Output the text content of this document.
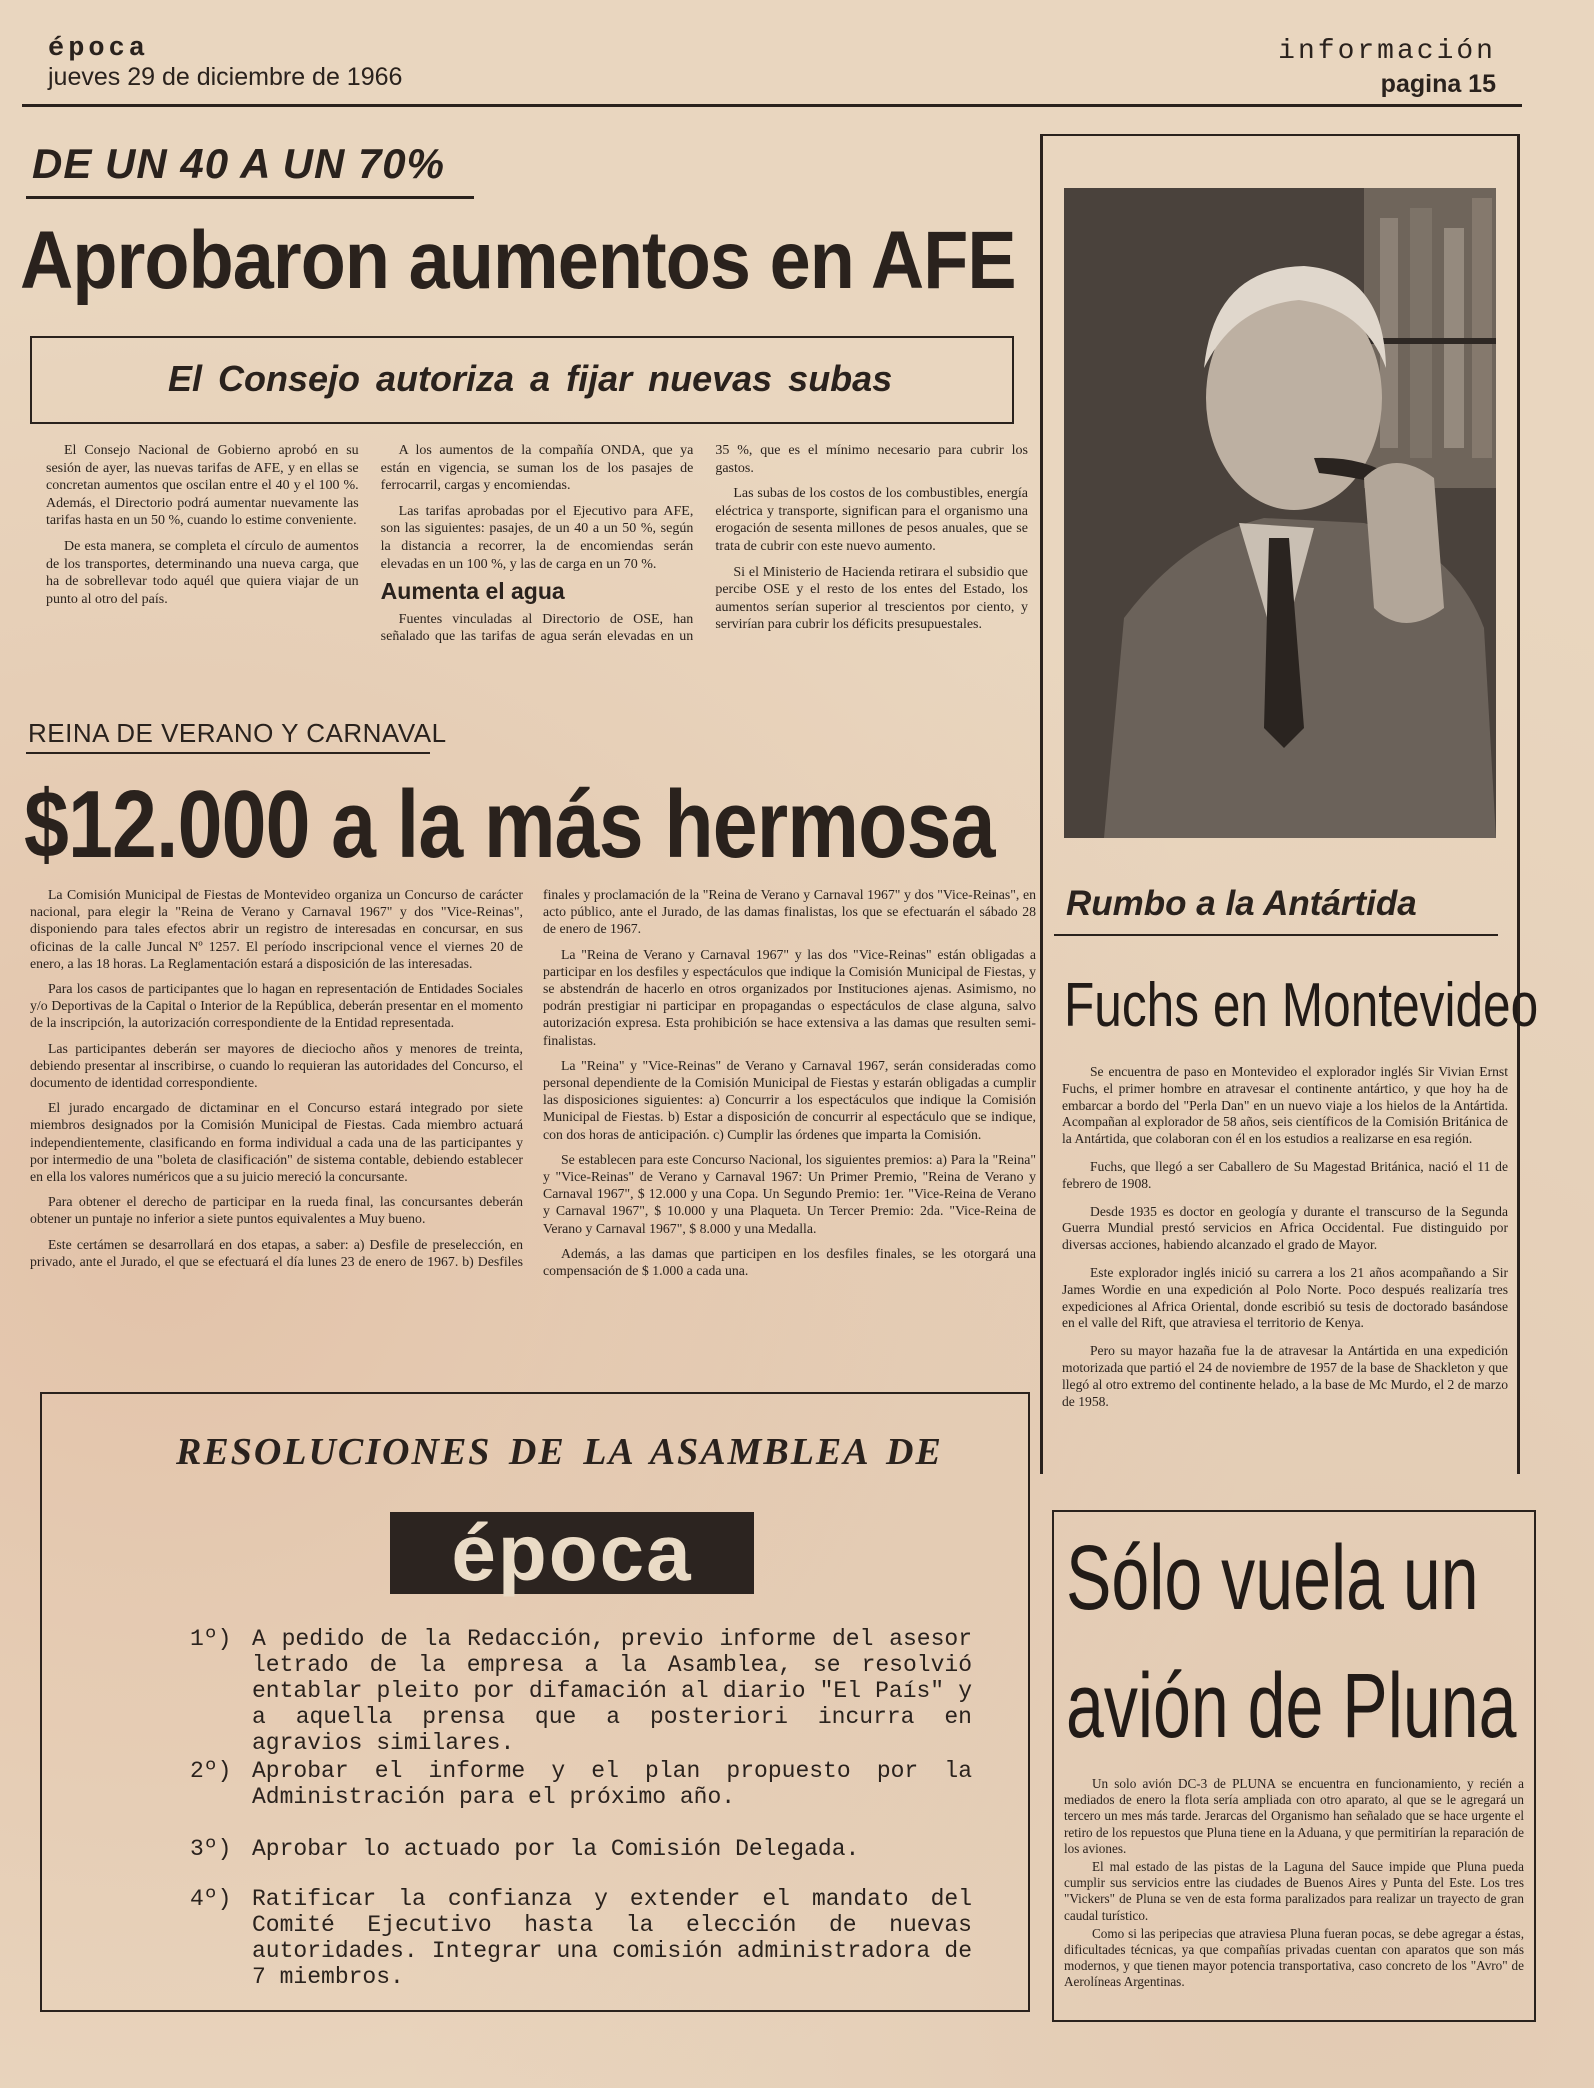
época
jueves 29 de diciembre de 1966
información
pagina 15
DE UN 40 A UN 70%
Aprobaron aumentos en AFE
El Consejo autoriza a fijar nuevas subas

El Consejo Nacional de Gobierno aprobó en su sesión de ayer, las nuevas tarifas de AFE, y en ellas se concretan aumentos que oscilan entre el 40 y el 100 %. Además, el Directorio podrá aumentar nuevamente las tarifas hasta en un 50 %, cuando lo estime conveniente.

De esta manera, se completa el círculo de aumentos de los transportes, determinando una nueva carga, que ha de sobrellevar todo aquél que quiera viajar de un punto al otro del país.

A los aumentos de la compañía ONDA, que ya están en vigencia, se suman los de los pasajes de ferrocarril, cargas y encomiendas.

Las tarifas aprobadas por el Ejecutivo para AFE, son las siguientes: pasajes, de un 40 a un 50 %, según la distancia a recorrer, la de encomiendas serán elevadas en un 100 %, y las de carga en un 70 %.

Aumenta el agua

Fuentes vinculadas al Directorio de OSE, han señalado que las tarifas de agua serán elevadas en un 35 %, que es el mínimo necesario para cubrir los gastos.

Las subas de los costos de los combustibles, energía eléctrica y transporte, significan para el organismo una erogación de sesenta millones de pesos anuales, que se trata de cubrir con este nuevo aumento.

Si el Ministerio de Hacienda retirara el subsidio que percibe OSE y el resto de los entes del Estado, los aumentos serían superior al trescientos por ciento, y servirían para cubrir los déficits presupuestales.

REINA DE VERANO Y CARNAVAL
$12.000 a la más hermosa

La Comisión Municipal de Fiestas de Montevideo organiza un Concurso de carácter nacional, para elegir la "Reina de Verano y Carnaval 1967" y dos "Vice-Reinas", disponiendo para tales efectos abrir un registro de interesadas en concursar, en sus oficinas de la calle Juncal Nº 1257. El período inscripcional vence el viernes 20 de enero, a las 18 horas. La Reglamentación estará a disposición de las interesadas.

Para los casos de participantes que lo hagan en representación de Entidades Sociales y/o Deportivas de la Capital o Interior de la República, deberán presentar en el momento de la inscripción, la autorización correspondiente de la Entidad representada.

Las participantes deberán ser mayores de dieciocho años y menores de treinta, debiendo presentar al inscribirse, o cuando lo requieran las autoridades del Concurso, el documento de identidad correspondiente.

El jurado encargado de dictaminar en el Concurso estará integrado por siete miembros designados por la Comisión Municipal de Fiestas. Cada miembro actuará independientemente, clasificando en forma individual a cada una de las participantes y por intermedio de una "boleta de clasificación" de sistema contable, debiendo establecer en ella los valores numéricos que a su juicio mereció la concursante.

Para obtener el derecho de participar en la rueda final, las concursantes deberán obtener un puntaje no inferior a siete puntos equivalentes a Muy bueno.

Este certámen se desarrollará en dos etapas, a saber: a) Desfile de preselección, en privado, ante el Jurado, el que se efectuará el día lunes 23 de enero de 1967. b) Desfiles finales y proclamación de la "Reina de Verano y Carnaval 1967" y dos "Vice-Reinas", en acto público, ante el Jurado, de las damas finalistas, los que se efectuarán el sábado 28 de enero de 1967.

La "Reina de Verano y Carnaval 1967" y las dos "Vice-Reinas" están obligadas a participar en los desfiles y espectáculos que indique la Comisión Municipal de Fiestas, y se abstendrán de hacerlo en otros organizados por Instituciones ajenas. Asimismo, no podrán prestigiar ni participar en propagandas o espectáculos de clase alguna, salvo autorización expresa. Esta prohibición se hace extensiva a las damas que resulten semi-finalistas.

La "Reina" y "Vice-Reinas" de Verano y Carnaval 1967, serán consideradas como personal dependiente de la Comisión Municipal de Fiestas y estarán obligadas a cumplir las disposiciones siguientes: a) Concurrir a los espectáculos que indique la Comisión Municipal de Fiestas. b) Estar a disposición de concurrir al espectáculo que se indique, con dos horas de anticipación. c) Cumplir las órdenes que imparta la Comisión.

Se establecen para este Concurso Nacional, los siguientes premios: a) Para la "Reina" y "Vice-Reinas" de Verano y Carnaval 1967: Un Primer Premio, "Reina de Verano y Carnaval 1967", $ 12.000 y una Copa. Un Segundo Premio: 1er. "Vice-Reina de Verano y Carnaval 1967", $ 10.000 y una Plaqueta. Un Tercer Premio: 2da. "Vice-Reina de Verano y Carnaval 1967", $ 8.000 y una Medalla.

Además, a las damas que participen en los desfiles finales, se les otorgará una compensación de $ 1.000 a cada una.

RESOLUCIONES DE LA ASAMBLEA DE
época
1º) A pedido de la Redacción, previo informe del asesor letrado de la empresa a la Asamblea, se resolvió entablar pleito por difamación al diario "El País" y a aquella prensa que a posteriori incurra en agravios similares.
2º) Aprobar el informe y el plan propuesto por la Administración para el próximo año.
3º) Aprobar lo actuado por la Comisión Delegada.
4º) Ratificar la confianza y extender el mandato del Comité Ejecutivo hasta la elección de nuevas autoridades. Integrar una comisión administradora de 7 miembros.
Rumbo a la Antártida
Fuchs en Montevideo

Se encuentra de paso en Montevideo el explorador inglés Sir Vivian Ernst Fuchs, el primer hombre en atravesar el continente antártico, y que hoy ha de embarcar a bordo del "Perla Dan" en un nuevo viaje a los hielos de la Antártida. Acompañan al explorador de 58 años, seis científicos de la Comisión Británica de la Antártida, que colaboran con él en los estudios a realizarse en esa región.

Fuchs, que llegó a ser Caballero de Su Magestad Británica, nació el 11 de febrero de 1908.

Desde 1935 es doctor en geología y durante el transcurso de la Segunda Guerra Mundial prestó servicios en Africa Occidental. Fue distinguido por diversas acciones, habiendo alcanzado el grado de Mayor.

Este explorador inglés inició su carrera a los 21 años acompañando a Sir James Wordie en una expedición al Polo Norte. Poco después realizaría tres expediciones al Africa Oriental, donde escribió su tesis de doctorado basándose en el valle del Rift, que atraviesa el territorio de Kenya.

Pero su mayor hazaña fue la de atravesar la Antártida en una expedición motorizada que partió el 24 de noviembre de 1957 de la base de Shackleton y que llegó al otro extremo del continente helado, a la base de Mc Murdo, el 2 de marzo de 1958.

Sólo vuela un
avión de Pluna

Un solo avión DC-3 de PLUNA se encuentra en funcionamiento, y recién a mediados de enero la flota sería ampliada con otro aparato, al que se le agregará un tercero un mes más tarde. Jerarcas del Organismo han señalado que se hace urgente el retiro de los repuestos que Pluna tiene en la Aduana, y que permitirían la reparación de los aviones.

El mal estado de las pistas de la Laguna del Sauce impide que Pluna pueda cumplir sus servicios entre las ciudades de Buenos Aires y Punta del Este. Los tres "Vickers" de Pluna se ven de esta forma paralizados para realizar un trayecto de gran caudal turístico.

Como si las peripecias que atraviesa Pluna fueran pocas, se debe agregar a éstas, dificultades técnicas, ya que compañías privadas cuentan con aparatos que son más modernos, y que tienen mayor potencia transportativa, caso concreto de los "Avro" de Aerolíneas Argentinas.
